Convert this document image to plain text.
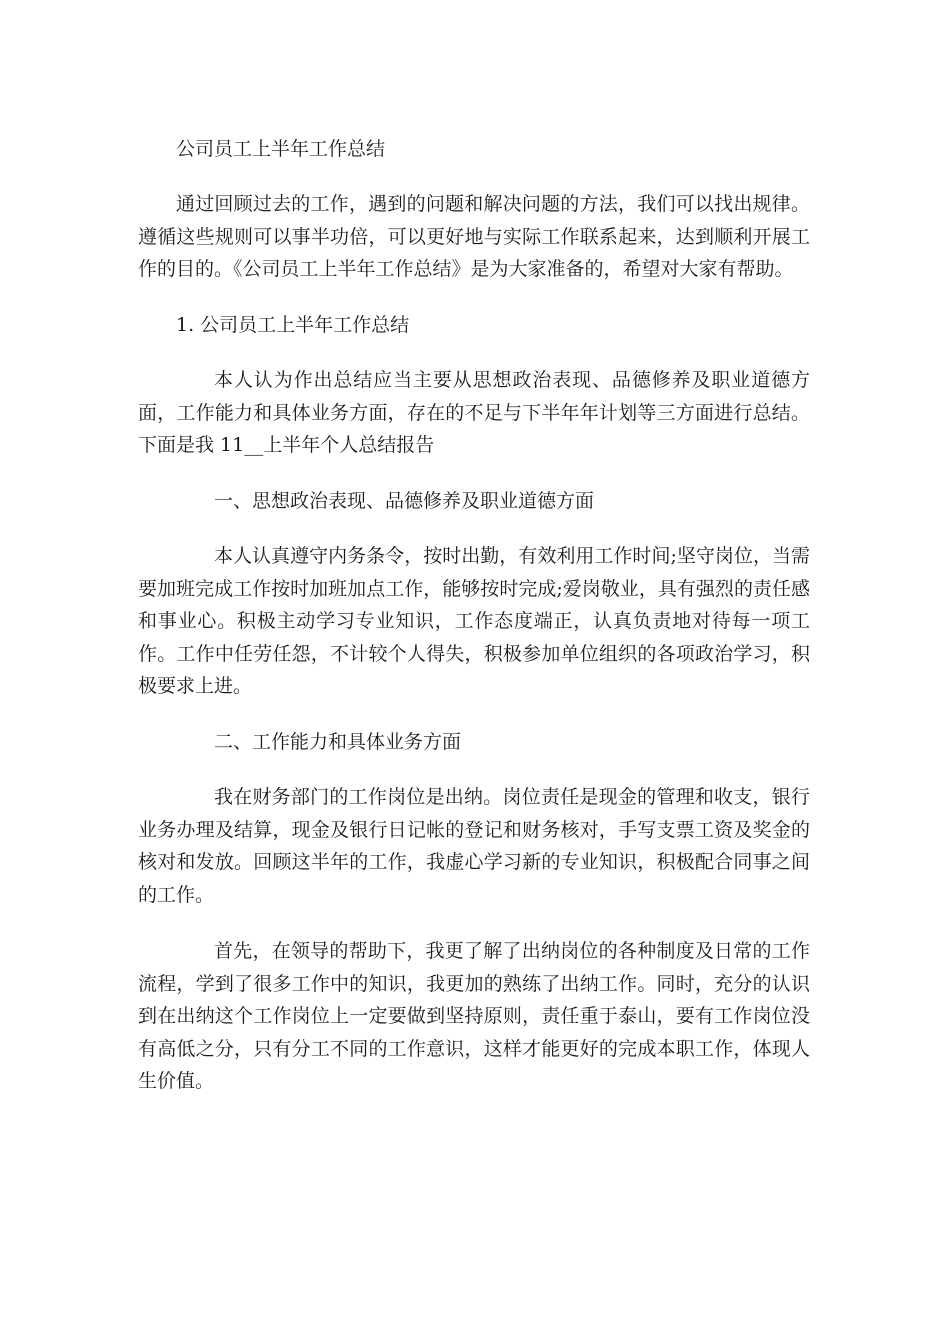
公司员工上半年工作总结

通过回顾过去的工作，遇到的问题和解决问题的方法，我们可以找出规律。遵循这些规则可以事半功倍，可以更好地与实际工作联系起来，达到顺利开展工作的目的。《公司员工上半年工作总结》是为大家准备的，希望对大家有帮助。

1. 公司员工上半年工作总结

本人认为作出总结应当主要从思想政治表现、品德修养及职业道德方面，工作能力和具体业务方面，存在的不足与下半年年计划等三方面进行总结。下面是我 11__上半年个人总结报告

一、思想政治表现、品德修养及职业道德方面

本人认真遵守内务条令，按时出勤，有效利用工作时间;坚守岗位，当需要加班完成工作按时加班加点工作，能够按时完成;爱岗敬业，具有强烈的责任感和事业心。积极主动学习专业知识，工作态度端正，认真负责地对待每一项工作。工作中任劳任怨，不计较个人得失，积极参加单位组织的各项政治学习，积极要求上进。

二、工作能力和具体业务方面

我在财务部门的工作岗位是出纳。岗位责任是现金的管理和收支，银行业务办理及结算，现金及银行日记帐的登记和财务核对，手写支票工资及奖金的核对和发放。回顾这半年的工作，我虚心学习新的专业知识，积极配合同事之间的工作。

首先，在领导的帮助下，我更了解了出纳岗位的各种制度及日常的工作流程，学到了很多工作中的知识，我更加的熟练了出纳工作。同时，充分的认识到在出纳这个工作岗位上一定要做到坚持原则，责任重于泰山，要有工作岗位没有高低之分，只有分工不同的工作意识，这样才能更好的完成本职工作，体现人生价值。
